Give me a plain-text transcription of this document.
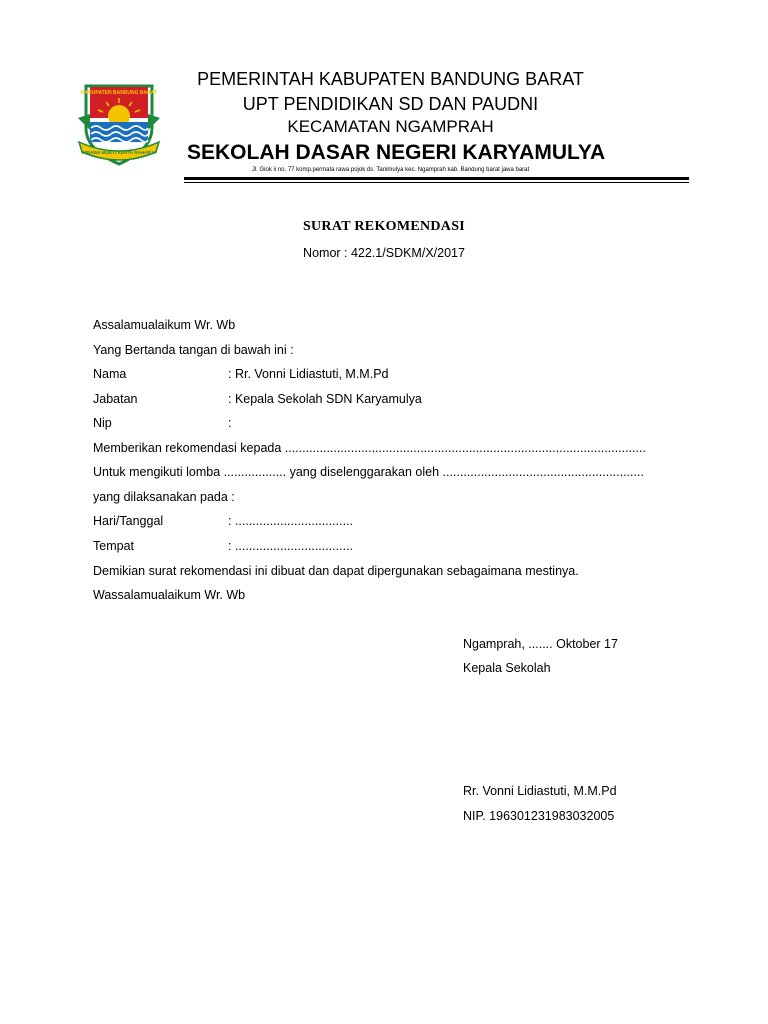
KABUPATEN BANDUNG BARAT
WIBAWA MUKTI KERTA RAHARJA
PEMERINTAH KABUPATEN BANDUNG BARAT
UPT PENDIDIKAN SD DAN PAUDNI
KECAMATAN NGAMPRAH
SEKOLAH DASAR NEGERI KARYAMULYA
Jl. Giok ii no. 77 komp.permata rawa pojok ds. Tanimulya kec. Ngamprah kab. Bandung barat jawa barat
SURAT REKOMENDASI
Nomor : 422.1/SDKM/X/2017
Assalamualaikum Wr. Wb
Yang Bertanda tangan di bawah ini :
Nama	: Rr. Vonni Lidiastuti, M.M.Pd
Jabatan	: Kepala Sekolah SDN Karyamulya
Nip	:
Memberikan rekomendasi kepada ........................................................................................................
Untuk mengikuti lomba .................. yang diselenggarakan oleh ..........................................................
yang dilaksanakan pada :
Hari/Tanggal	: ..................................
Tempat	: ..................................
Demikian surat rekomendasi ini dibuat dan dapat dipergunakan sebagaimana mestinya.
Wassalamualaikum Wr. Wb
Ngamprah, ....... Oktober 17
Kepala Sekolah
Rr. Vonni Lidiastuti, M.M.Pd
NIP. 196301231983032005
